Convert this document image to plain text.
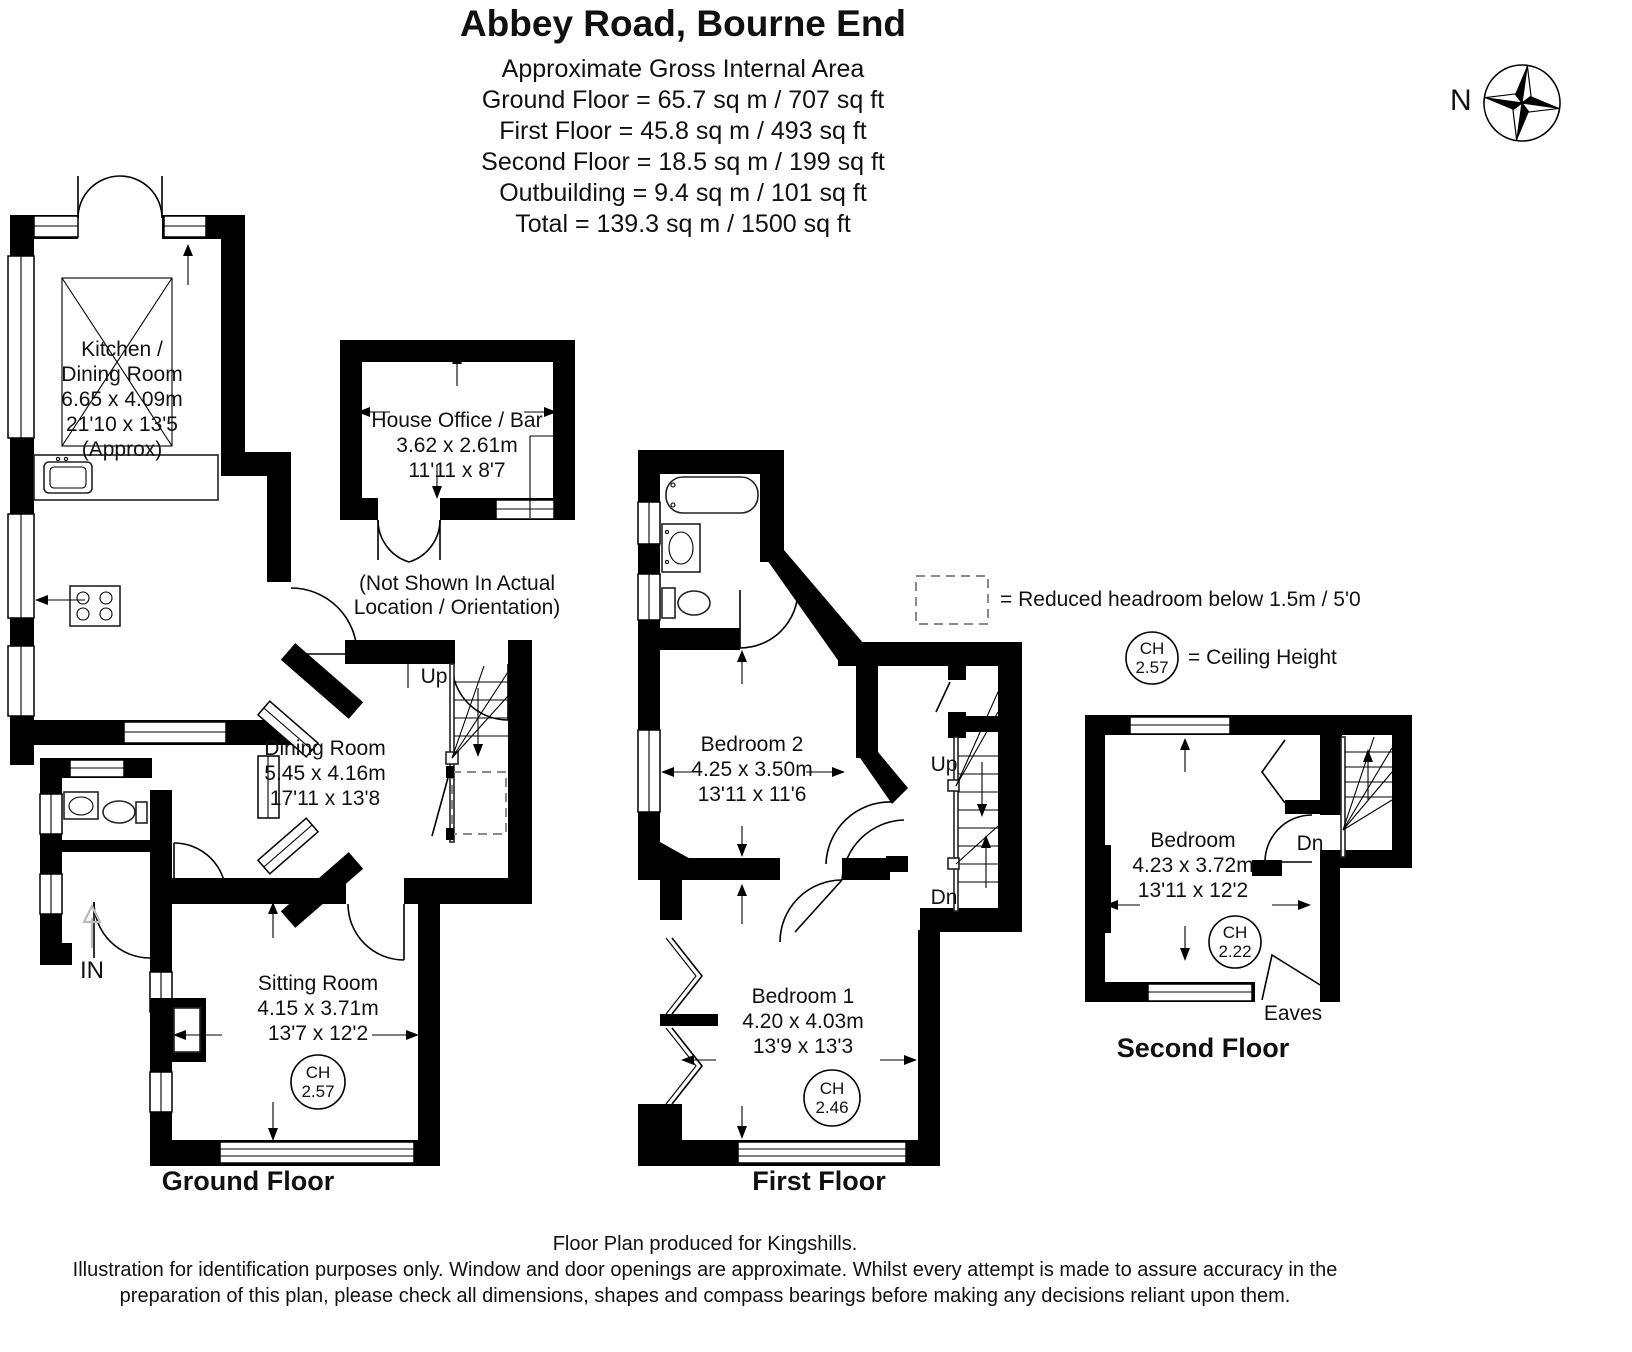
Abbey Road, Bourne End
Approximate Gross Internal Area
Ground Floor = 65.7 sq m / 707 sq ft
First Floor = 45.8 sq m / 493 sq ft
Second Floor = 18.5 sq m / 199 sq ft
Outbuilding = 9.4 sq m / 101 sq ft
Total = 139.3 sq m / 1500 sq ft
N
Kitchen /
Dining Room
6.65 x 4.09m
21'10 x 13'5
(Approx)
Dining Room
5.45 x 4.16m
17'11 x 13'8
Sitting Room
4.15 x 3.71m
13'7 x 12'2
CH
2.57
Up
IN
Ground Floor
House Office / Bar
3.62 x 2.61m
11'11 x 8'7
(Not Shown In Actual
Location / Orientation)	= Reduced headroom below 1.5m / 5'0
CH
2.57 = Ceiling Height
Bedroom 2
4.25 x 3.50m
13'11 x 11'6
Bedroom 1
4.20 x 4.03m
13'9 x 13'3
CH
2.46
Up
Dn
First Floor
Bedroom
4.23 x 3.72m
13'11 x 12'2
CH
2.22
Dn
Eaves
Second Floor
Floor Plan produced for Kingshills.
Illustration for identification purposes only. Window and door openings are approximate. Whilst every attempt is made to assure accuracy in the
preparation of this plan, please check all dimensions, shapes and compass bearings before making any decisions reliant upon them.
